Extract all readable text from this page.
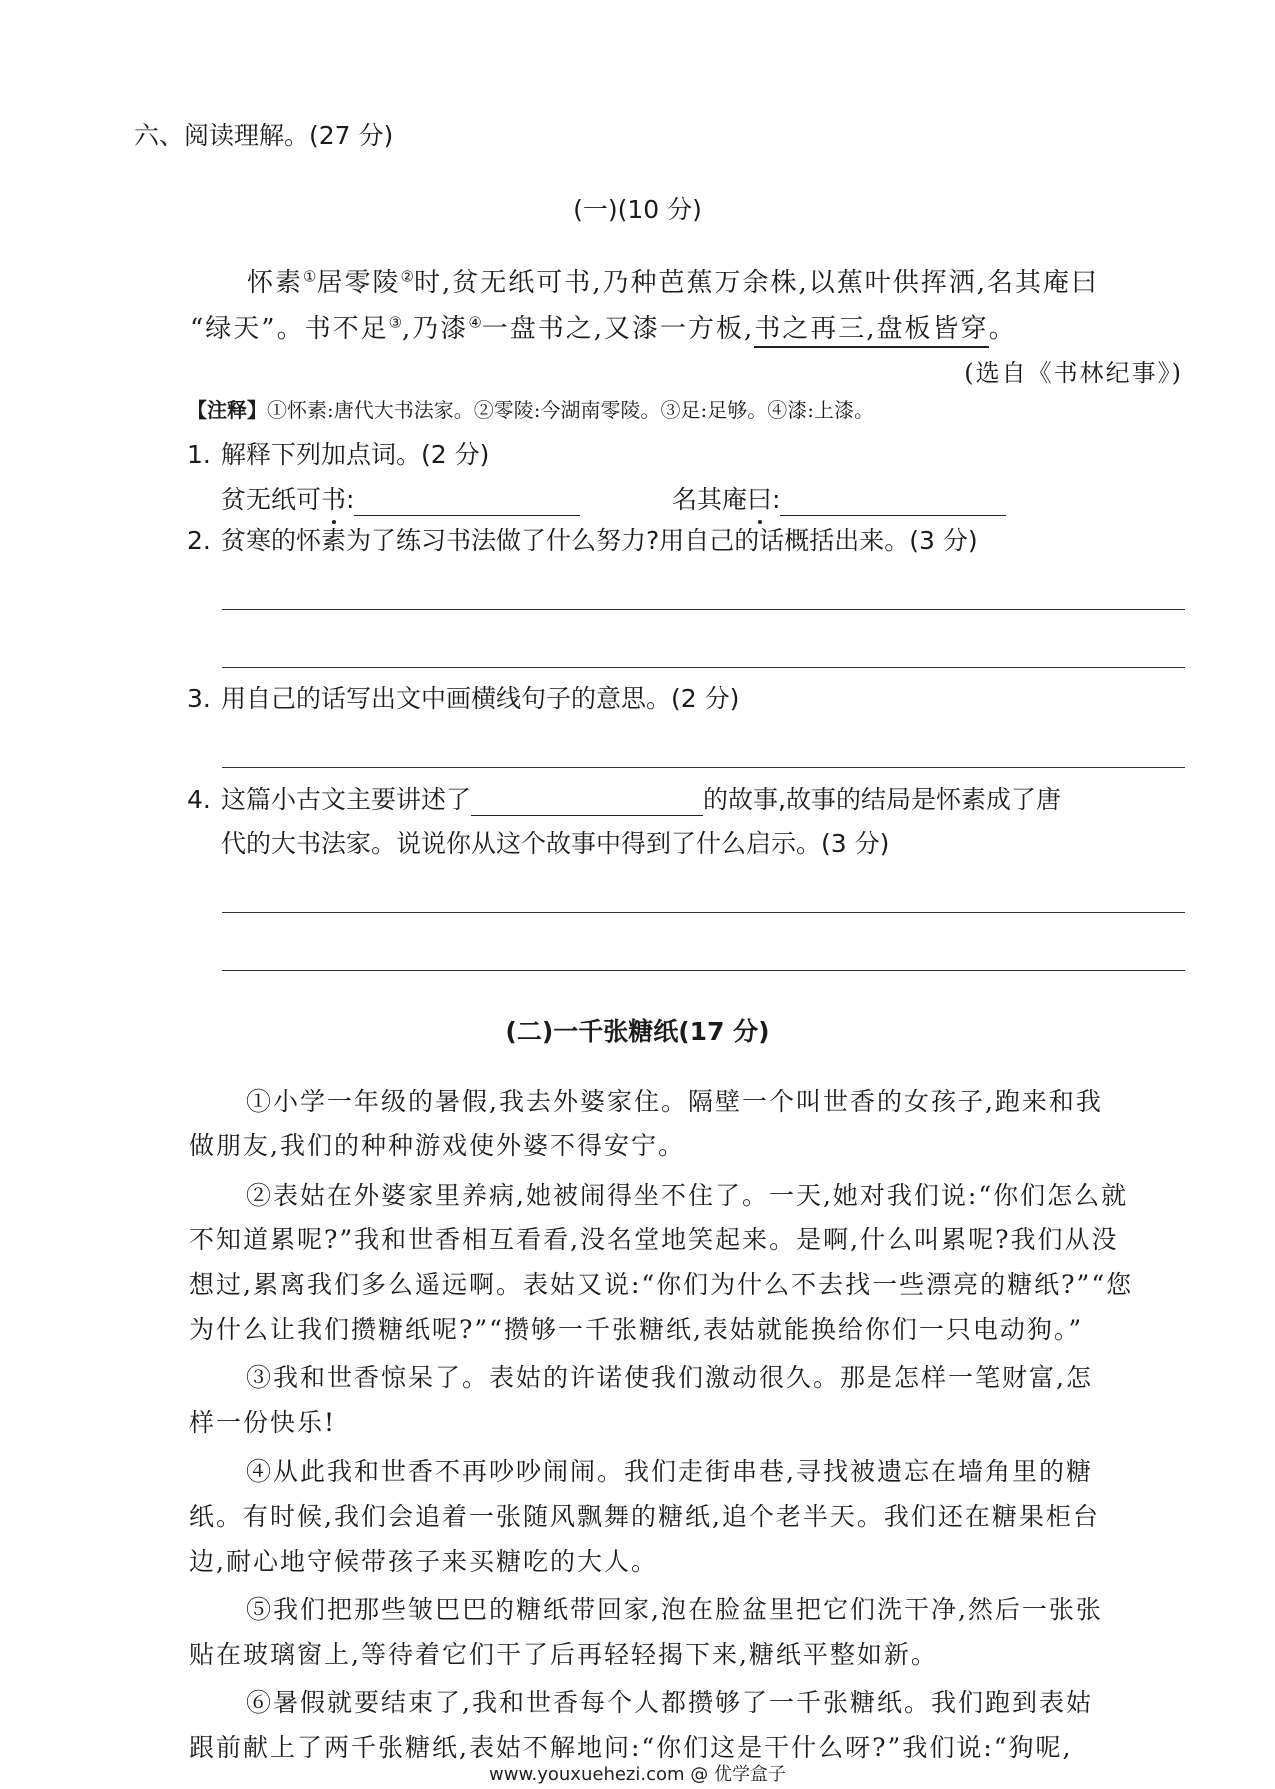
六、阅读理解。(27 分)
(一)(10 分)
怀素①居零陵②时,贫无纸可书,乃种芭蕉万余株,以蕉叶供挥洒,名其庵曰
“绿天”。书不足③,乃漆④一盘书之,又漆一方板,书之再三,盘板皆穿。
(选自《书林纪事》)
【注释】①怀素:唐代大书法家。②零陵:今湖南零陵。③足:足够。④漆:上漆。
1. 解释下列加点词。(2 分)
贫无纸可书:	名其庵曰:
2. 贫寒的怀素为了练习书法做了什么努力?用自己的话概括出来。(3 分)
3. 用自己的话写出文中画横线句子的意思。(2 分)
4. 这篇小古文主要讲述了	的故事,故事的结局是怀素成了唐
代的大书法家。说说你从这个故事中得到了什么启示。(3 分)
(二)一千张糖纸(17 分)
①小学一年级的暑假,我去外婆家住。隔壁一个叫世香的女孩子,跑来和我
做朋友,我们的种种游戏使外婆不得安宁。
②表姑在外婆家里养病,她被闹得坐不住了。一天,她对我们说:“你们怎么就
不知道累呢?”我和世香相互看看,没名堂地笑起来。是啊,什么叫累呢?我们从没
想过,累离我们多么遥远啊。表姑又说:“你们为什么不去找一些漂亮的糖纸?”“您
为什么让我们攒糖纸呢?”“攒够一千张糖纸,表姑就能换给你们一只电动狗。”
③我和世香惊呆了。表姑的许诺使我们激动很久。那是怎样一笔财富,怎
样一份快乐!
④从此我和世香不再吵吵闹闹。我们走街串巷,寻找被遗忘在墙角里的糖
纸。有时候,我们会追着一张随风飘舞的糖纸,追个老半天。我们还在糖果柜台
边,耐心地守候带孩子来买糖吃的大人。
⑤我们把那些皱巴巴的糖纸带回家,泡在脸盆里把它们洗干净,然后一张张
贴在玻璃窗上,等待着它们干了后再轻轻揭下来,糖纸平整如新。
⑥暑假就要结束了,我和世香每个人都攒够了一千张糖纸。我们跑到表姑
跟前献上了两千张糖纸,表姑不解地问:“你们这是干什么呀?”我们说:“狗呢,
www.youxuehezi.com @ 优学盒子
